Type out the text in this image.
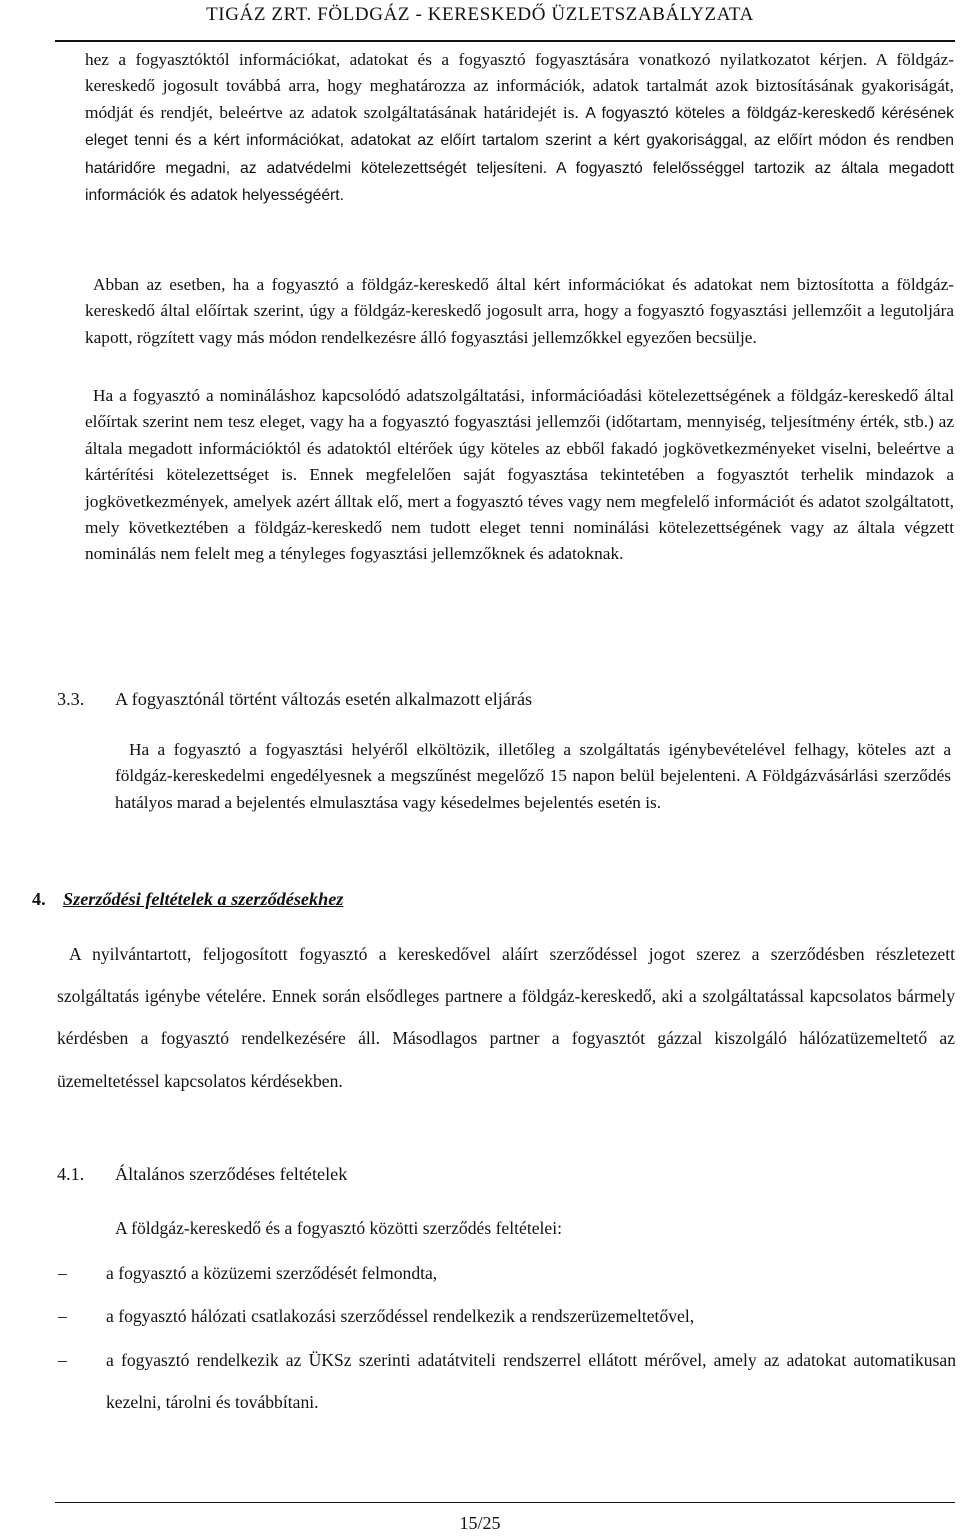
TIGÁZ ZRT. FÖLDGÁZ - KERESKEDŐ ÜZLETSZABÁLYZATA
hez a fogyasztóktól információkat, adatokat és a fogyasztó fogyasztására vonatkozó nyilatkozatot kérjen. A földgáz-kereskedő jogosult továbbá arra, hogy meghatározza az információk, adatok tartalmát azok biztosításának gyakoriságát, módját és rendjét, beleértve az adatok szolgáltatásának határidejét is. A fogyasztó köteles a földgáz-kereskedő kérésének eleget tenni és a kért információkat, adatokat az előírt tartalom szerint a kért gyakorisággal, az előírt módon és rendben határidőre megadni, az adatvédelmi kötelezettségét teljesíteni. A fogyasztó felelősséggel tartozik az általa megadott információk és adatok helyességéért.
Abban az esetben, ha a fogyasztó a földgáz-kereskedő által kért információkat és adatokat nem biztosította a földgáz-kereskedő által előírtak szerint, úgy a földgáz-kereskedő jogosult arra, hogy a fogyasztó fogyasztási jellemzőit a legutoljára kapott, rögzített vagy más módon rendelkezésre álló fogyasztási jellemzőkkel egyezően becsülje.
Ha a fogyasztó a nomináláshoz kapcsolódó adatszolgáltatási, információadási kötelezettségének a földgáz-kereskedő által előírtak szerint nem tesz eleget, vagy ha a fogyasztó fogyasztási jellemzői (időtartam, mennyiség, teljesítmény érték, stb.) az általa megadott információktól és adatoktól eltérőek úgy köteles az ebből fakadó jogkövetkezményeket viselni, beleértve a kártérítési kötelezettséget is. Ennek megfelelően saját fogyasztása tekintetében a fogyasztót terhelik mindazok a jogkövetkezmények, amelyek azért álltak elő, mert a fogyasztó téves vagy nem megfelelő információt és adatot szolgáltatott, mely következtében a földgáz-kereskedő nem tudott eleget tenni nominálási kötelezettségének vagy az általa végzett nominálás nem felelt meg a tényleges fogyasztási jellemzőknek és adatoknak.
3.3. A fogyasztónál történt változás esetén alkalmazott eljárás
Ha a fogyasztó a fogyasztási helyéről elköltözik, illetőleg a szolgáltatás igénybevételével felhagy, köteles azt a földgáz-kereskedelmi engedélyesnek a megszűnést megelőző 15 napon belül bejelenteni. A Földgázvásárlási szerződés hatályos marad a bejelentés elmulasztása vagy késedelmes bejelentés esetén is.
4. Szerződési feltételek a szerződésekhez
A nyilvántartott, feljogosított fogyasztó a kereskedővel aláírt szerződéssel jogot szerez a szerződésben részletezett szolgáltatás igénybe vételére. Ennek során elsődleges partnere a földgáz-kereskedő, aki a szolgáltatással kapcsolatos bármely kérdésben a fogyasztó rendelkezésére áll. Másodlagos partner a fogyasztót gázzal kiszolgáló hálózatüzemeltető az üzemeltetéssel kapcsolatos kérdésekben.
4.1. Általános szerződéses feltételek
A földgáz-kereskedő és a fogyasztó közötti szerződés feltételei:
– a fogyasztó a közüzemi szerződését felmondta,
– a fogyasztó hálózati csatlakozási szerződéssel rendelkezik a rendszerüzemeltetővel,
– a fogyasztó rendelkezik az ÜKSz szerinti adatátviteli rendszerrel ellátott mérővel, amely az adatokat automatikusan kezelni, tárolni és továbbítani.
15/25
